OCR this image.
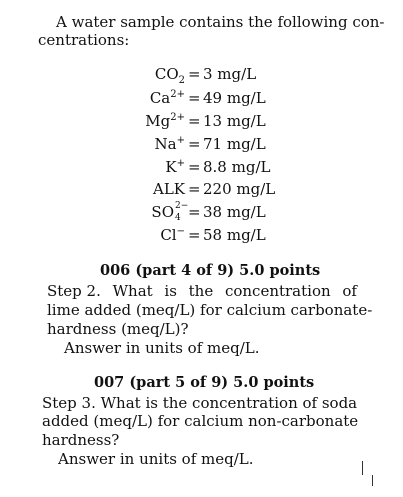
A water sample contains the following con-
centrations:
$CO_2 = 3$ mg/L
$Ca^{2+} = 49$ mg/L
$Mg^{2+} = 13$ mg/L
Na+ = 71 mg/L
K+ = 8.8 mg/L
ALK = 220 mg/L
SO 2−
4 = 38 mg/L
Cl− = 58 mg/L
006 (part 4 of 9) 5.0 points
Step 2. What is the concentration of
lime added (meq/L) for calcium carbonate-
hardness (meq/L)?
Answer in units of meq/L.
007 (part 5 of 9) 5.0 points
Step 3. What is the concentration of soda
added (meq/L) for calcium non-carbonate
hardness?
Answer in units of meq/L.
